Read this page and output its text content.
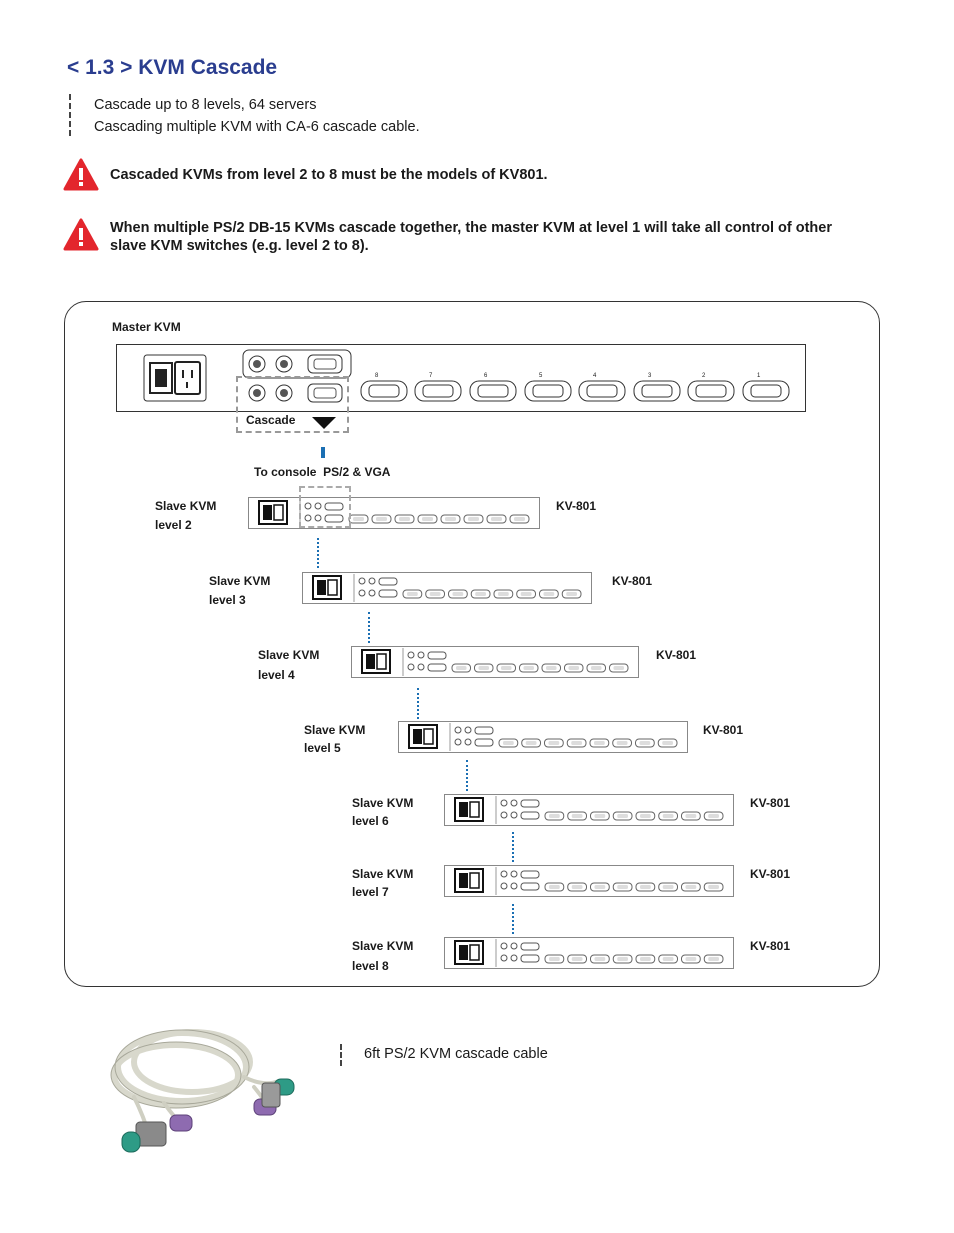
< 1.3 > KVM Cascade
Cascade up to 8 levels, 64 servers
Cascading multiple KVM with CA-6 cascade cable.
Cascaded KVMs from level 2 to 8 must be the models of KV801.
When multiple PS/2 DB-15 KVMs cascade together, the master KVM at level 1 will take all control of other slave KVM switches (e.g. level 2 to 8).
Master KVM
8	7	6	5	4	3	2	1
Cascade
To console  PS/2 & VGA
Slave KVM
level 2
KV-801
Slave KVM
level 3
KV-801
Slave KVM
level 4
KV-801
Slave KVM
level 5
KV-801
Slave KVM
level 6
KV-801
Slave KVM
level 7
KV-801
Slave KVM
level 8
KV-801
6ft PS/2 KVM cascade cable
